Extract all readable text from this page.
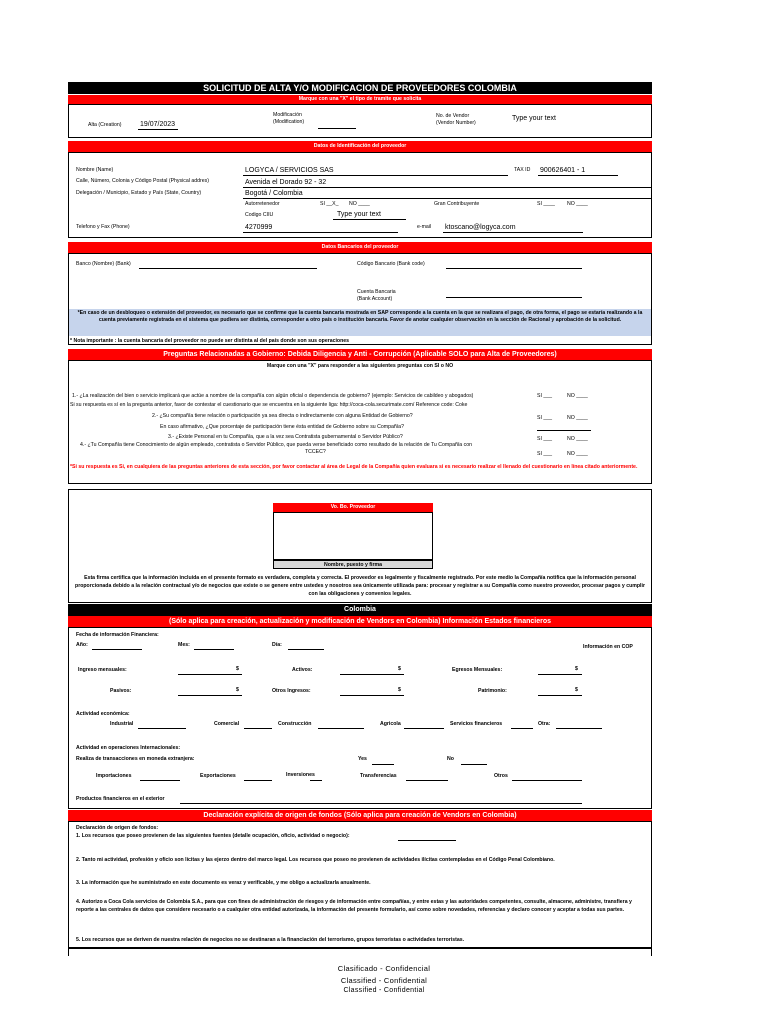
SOLICITUD DE ALTA Y/O MODIFICACION DE PROVEEDORES COLOMBIA
Marque con una "X" el tipo de tramite que solicita
Alta (Creation)	19/07/2023
Modificación
(Modification)
No. de Vendor
(Vendor Number)
Type your text
Datos de Identificación del proveedor
Nombre (Name)	LOGYCA / SERVICIOS SAS	TAX ID 900626401 - 1
Calle, Número, Colonia y Código Postal (Physical addres)	Avenida el Dorado 92 - 32
Delegación / Municipio, Estado y País (State, Country)	Bogotá / Colombia
Autorretenedor	SI __X_ NO ____	Gran Contribuyente	SI ____ NO ____
Codigo CIIU	Type your text
Telefono y Fax (Phone)	4270999	e-mail ktoscano@logyca.com
Datos Bancarios del proveedor
Banco (Nombre) (Bank)	Código Bancario (Bank code)
Cuenta Bancaria
(Bank Account)
*En caso de un desbloqueo o extensión del proveedor, es necesario que se confirme que la cuenta bancaria mostrada en SAP corresponde a la cuenta en la que se realizara el pago, de otra forma, el pago se estaría realizando a la cuenta previamente registrada en el sistema que pudiera ser distinta, corresponder a otro país o institución bancaria. Favor de anotar cualquier observación en la sección de Racional y aprobación de la solicitud.
* Nota importante : la cuenta bancaria del proveedor no puede ser distinta al del país donde son sus operaciones
Preguntas Relacionadas a Gobierno: Debida Diligencia y Anti - Corrupción (Aplicable SOLO para Alta de Proveedores)
Marque con una "X" para responder a las siguientes preguntas con SI o NO
1.- ¿La realización del bien o servicio implicará que actúe a nombre de la compañía con algún oficial o dependencia de gobierno? (ejemplo: Servicios de cabildeo y abogados)	SI ___	NO ____
Si su respuesta es sí en la pregunta anterior, favor de contestar el cuestionario que se encuentra en la siguiente liga: http://coca-cola.securimate.com/ Reference code: Coke
2.- ¿Su compañía tiene relación o participación ya sea directa o indirectamente con alguna Entidad de Gobierno?	SI ___	NO ____
En caso afirmativo, ¿Que porcentaje de participación tiene ésta entidad de Gobierno sobre su Compañía?
3.- ¿Existe Personal en tu Compañía, que a la vez sea Contratista gubernamental o Servidor Público?	SI ___	NO ____
4.- ¿Tu Compañía tiene Conocimiento de algún empleado, contratista o Servidor Público, que pueda verse beneficiado como resultado de la relación de Tu Compañía con
TCCEC?	SI ___	NO ____
*Si su respuesta es Si, en cualquiera de las preguntas anteriores de esta sección, por favor contactar al área de Legal de la Compañía quien evaluara si es necesario realizar el llenado del cuestionario en línea citado anteriormente.
Vo. Bo. Proveedor
Nombre, puesto y firma
Esta firma certifica que la información incluida en el presente formato es verdadera, completa y correcta. El proveedor es legalmente y fiscalmente registrado. Por este medio la Compañía notifica que la información personal proporcionada debido a la relación contractual y/o de negocios que existe o se genere entre ustedes y nosotros sea únicamente utilizada para: procesar y registrar a su Compañía como nuestro proveedor, procesar pagos y cumplir con las obligaciones y convenios legales.
Colombia
(Sólo aplica para creación, actualización y modificación de Vendors en Colombia) Información Estados financieros
Fecha de información Financiera:
Año:	Mes:	Día:	Información en COP
Ingreso mensuales:	$	Activos:	$	Egresos Mensuales:	$
Pasivos:	$	Otros Ingresos:	$	Patrimonio:	$
Actividad económica:
Industrial	Comercial	Construcción	Agricola	Servicios financieros	Otra:
Actividad en operaciones Internacionales:
Realiza de transacciones en moneda extranjera:	Yes	No
Importaciones	Exportaciones	Inversiones	Transferencias	Otros
Productos financieros en el exterior
Declaración explícita de origen de fondos (Sólo aplica para creación de Vendors en Colombia)
Declaración de origen de fondos:
1. Los recursos que poseo provienen de las siguientes fuentes (detalle ocupación, oficio, actividad o negocio):
2. Tanto mi actividad, profesión y oficio son lícitas y las ejerzo dentro del marco legal. Los recursos que poseo no provienen de actividades ilícitas contempladas en el Código Penal Colombiano.
3. La información que he suministrado en este documento es veraz y verificable, y me obligo a actualizarla anualmente.
4. Autorizo a Coca Cola servicios de Colombia S.A., para que con fines de administración de riesgos y de información entre compañías, y entre estas y las autoridades competentes, consulte, almacene, administre, transfiera y reporte a las centrales de datos que considere necesario o a cualquier otra entidad autorizada, la información del presente formulario, así como sobre novedades, referencias y declaro conocer y aceptar a todas sus partes.
5. Los recursos que se deriven de nuestra relación de negocios no se destinaran a la financiación del terrorismo, grupos terroristas o actividades terroristas.
Clasificado - Confidencial
Classified - Confidential
Classified - Confidential
